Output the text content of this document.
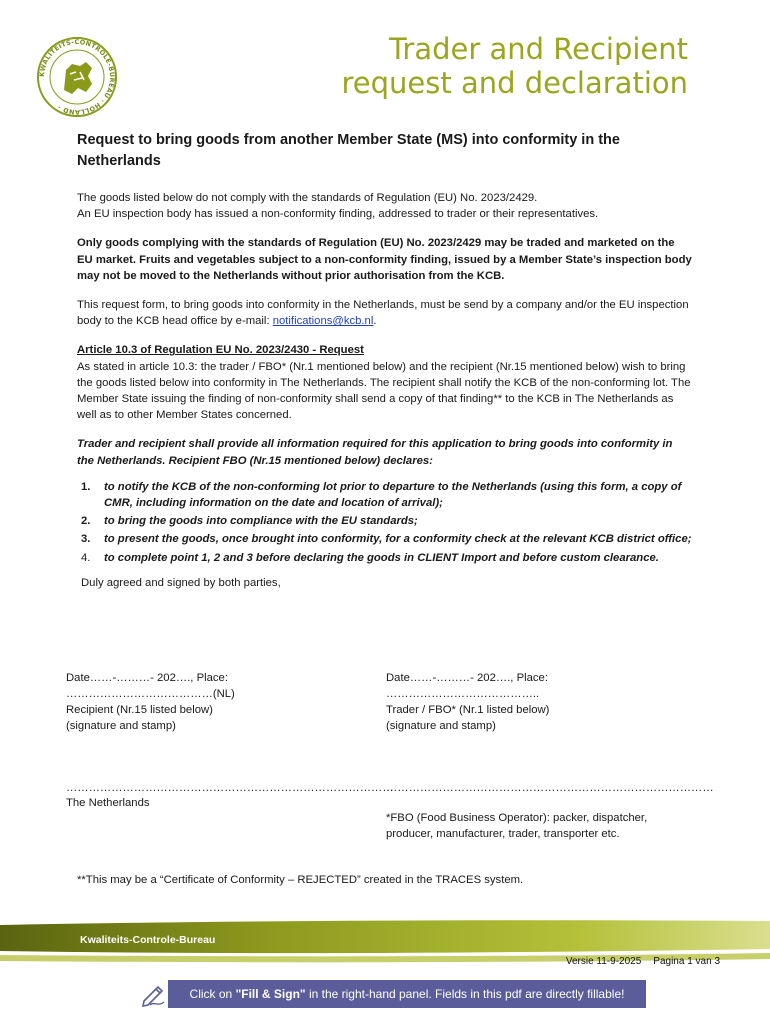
KWALITEITS-CONTROLE-BUREAU · HOLLAND ·
Trader and Recipient
request and declaration
Request to bring goods from another Member State (MS) into conformity in the Netherlands

The goods listed below do not comply with the standards of Regulation (EU) No. 2023/2429.

An EU inspection body has issued a non-conformity finding, addressed to trader or their representatives.

Only goods complying with the standards of Regulation (EU) No. 2023/2429 may be traded and marketed on the EU market. Fruits and vegetables subject to a non-conformity finding, issued by a Member State’s inspection body may not be moved to the Netherlands without prior authorisation from the KCB.

This request form, to bring goods into conformity in the Netherlands, must be send by a company and/or the EU inspection body to the KCB head office by e-mail: notifications@kcb.nl.

Article 10.3 of Regulation EU No. 2023/2430 - Request

As stated in article 10.3: the trader / FBO* (Nr.1 mentioned below) and the recipient (Nr.15 mentioned below) wish to bring the goods listed below into conformity in The Netherlands. The recipient shall notify the KCB of the non-conforming lot. The Member State issuing the finding of non-conformity shall send a copy of that finding** to the KCB in The Netherlands as well as to other Member States concerned.

Trader and recipient shall provide all information required for this application to bring goods into conformity in the Netherlands. Recipient FBO (Nr.15 mentioned below) declares:

1. to notify the KCB of the non-conforming lot prior to departure to the Netherlands (using this form, a copy of CMR, including information on the date and location of arrival);
2. to bring the goods into compliance with the EU standards;
3. to present the goods, once brought into conformity, for a conformity check at the relevant KCB district office;
4. to complete point 1, 2 and 3 before declaring the goods in CLIENT Import and before custom clearance.

Duly agreed and signed by both parties,

Date……-………- 202…., Place: …………………………………(NL)
Date……-………- 202…., Place: …………………………………..
Recipient (Nr.15 listed below)
(signature and stamp)
Trader / FBO* (Nr.1 listed below)
(signature and stamp)
……………………………………………………………………………
……………………………………………………………………………
The Netherlands
*FBO (Food Business Operator): packer, dispatcher,
producer, manufacturer, trader, transporter etc.
**This may be a “Certificate of Conformity – REJECTED” created in the TRACES system.
Kwaliteits-Controle-Bureau
Versie 11-9-2025 Pagina 1 van 3
Click on "Fill & Sign" in the right-hand panel. Fields in this pdf are directly fillable!
